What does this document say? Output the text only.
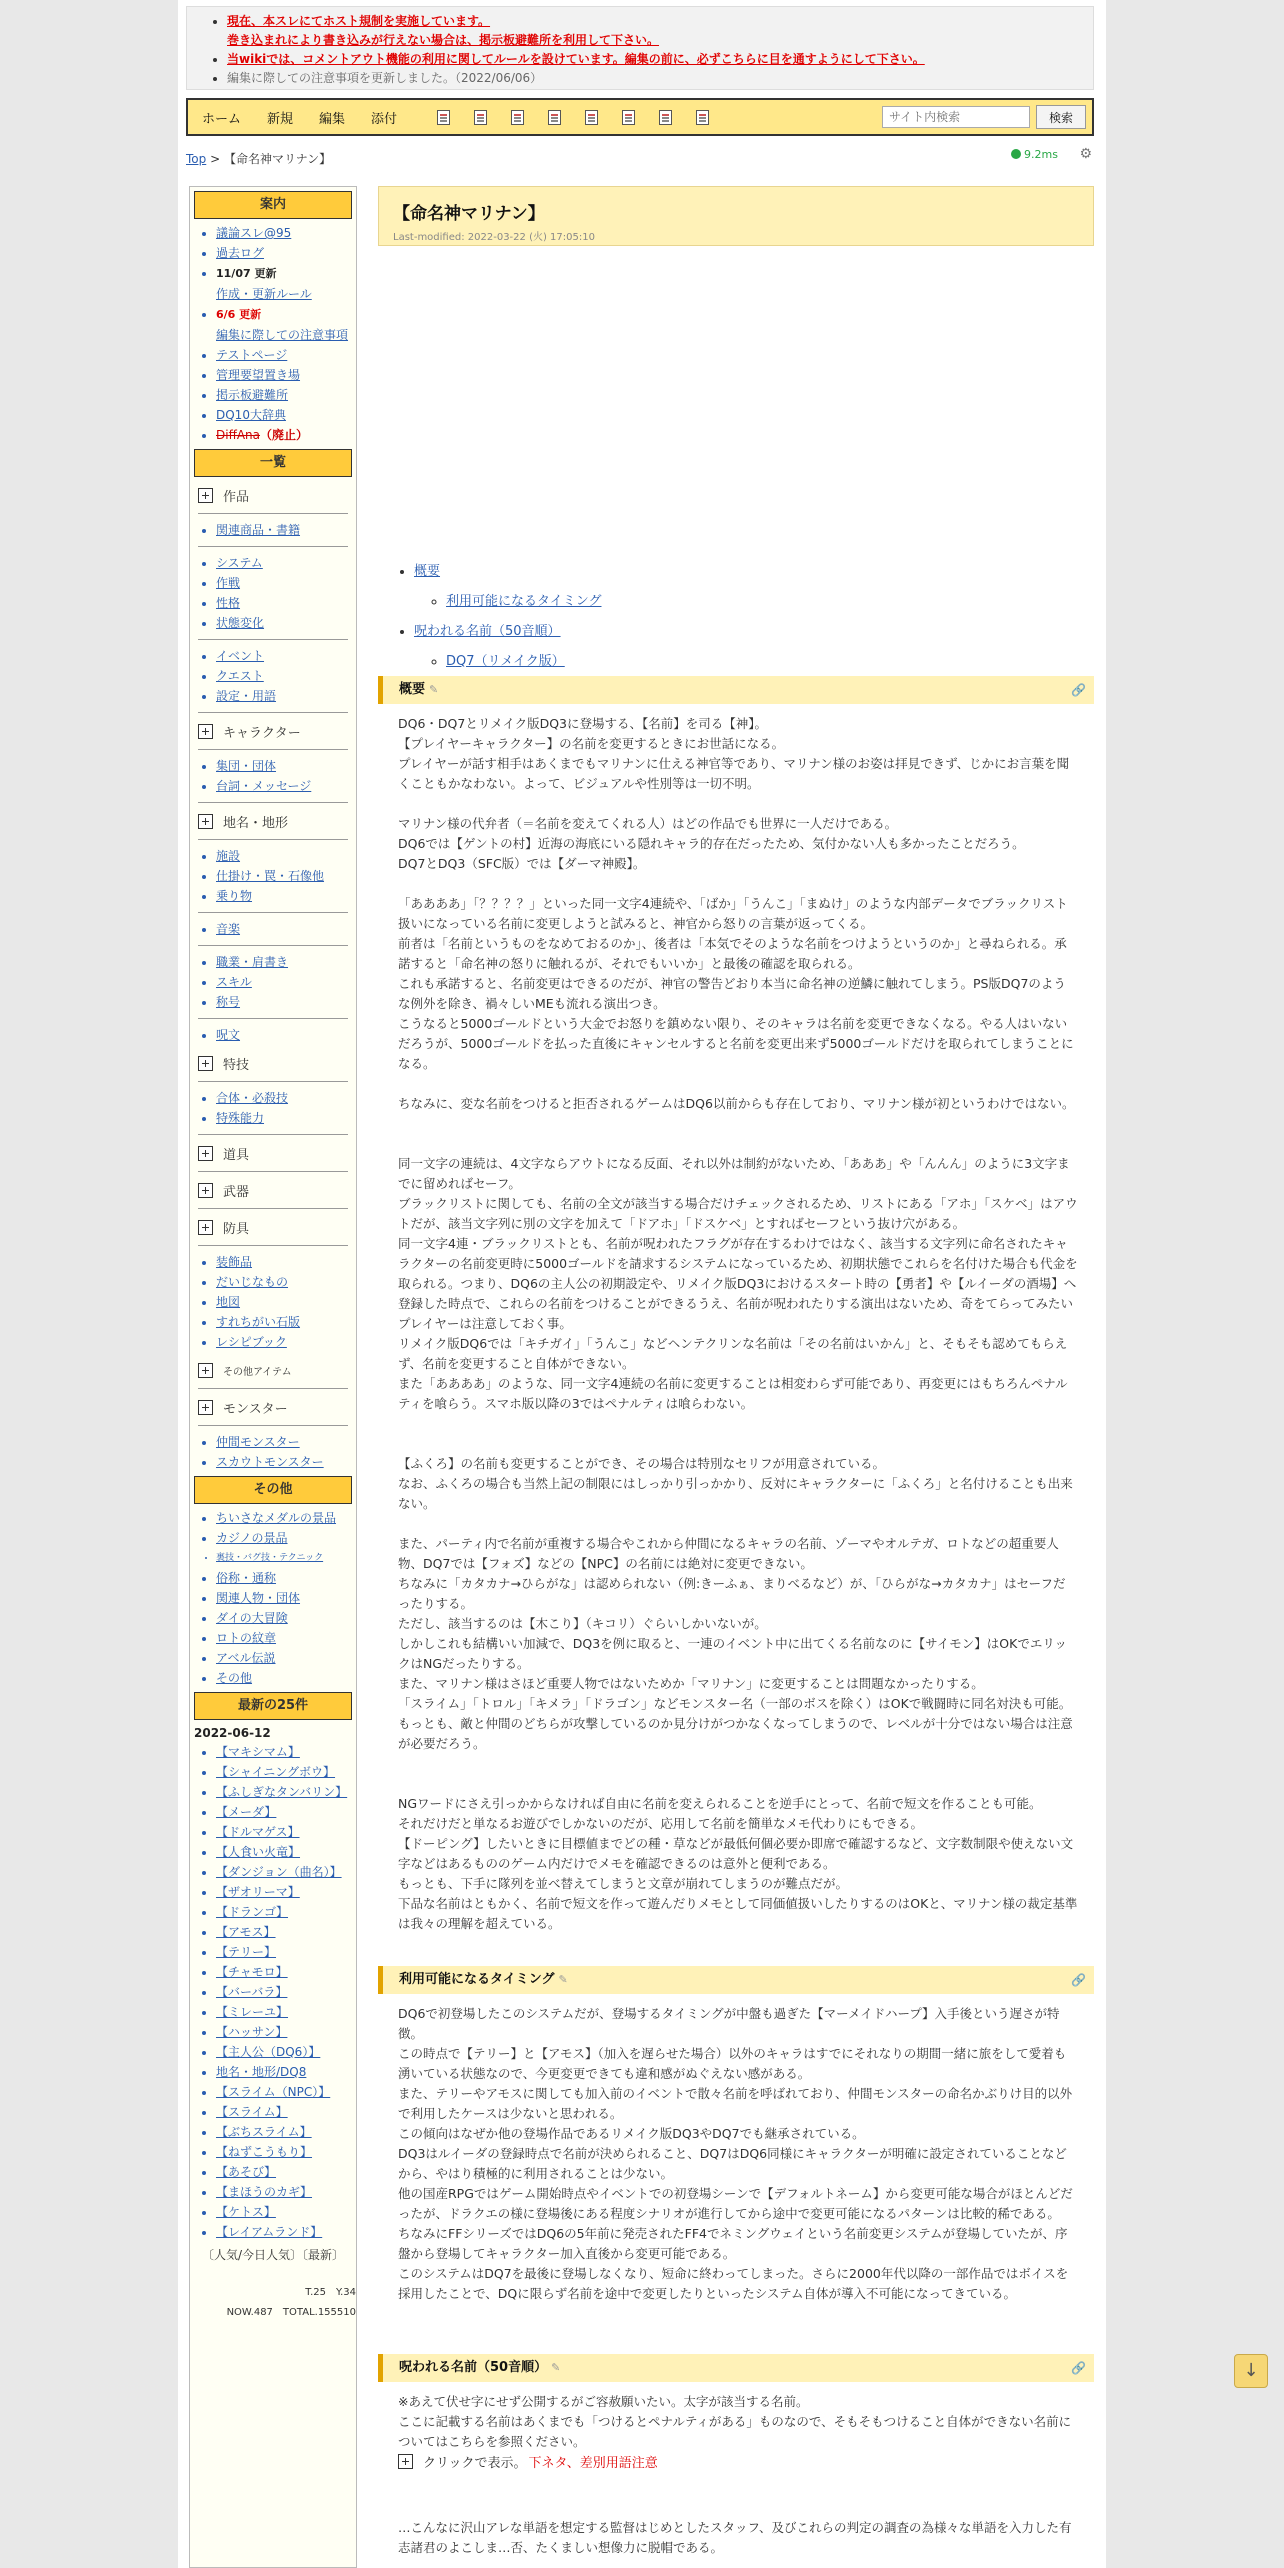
• 現在、本スレにてホスト規制を実施しています。
巻き込まれにより書き込みが行えない場合は、掲示板避難所を利用して下さい。
• 当wikiでは、コメントアウト機能の利用に関してルールを設けています。編集の前に、必ずこちらに目を通すようにして下さい。
• 編集に際しての注意事項を更新しました。（2022/06/06）
ホーム 新規 編集 添付
サイト内検索	検索
Top > 【命名神マリナン】	9.2ms ⚙
案内
• 議論スレ@95
• 過去ログ
• 11/07 更新
作成・更新ルール
• 6/6 更新
編集に際しての注意事項
• テストページ
• 管理要望置き場
• 掲示板避難所
• DQ10大辞典
• DiffAna（廃止）
一覧
作品
• 関連商品・書籍
• システム
• 作戦
• 性格
• 状態変化
• イベント
• クエスト
• 設定・用語
キャラクター
• 集団・団体
• 台詞・メッセージ
地名・地形
• 施設
• 仕掛け・罠・石像他
• 乗り物
• 音楽
• 職業・肩書き
• スキル
• 称号
• 呪文
特技
• 合体・必殺技
• 特殊能力
道具
武器
防具
• 装飾品
• だいじなもの
• 地図
• すれちがい石版
• レシピブック
その他アイテム
モンスター
• 仲間モンスター
• スカウトモンスター
その他
• ちいさなメダルの景品
• カジノの景品
• 裏技・バグ技・テクニック
• 俗称・通称
• 関連人物・団体
• ダイの大冒険
• ロトの紋章
• アベル伝説
• その他
最新の25件
2022-06-12
• 【マキシマム】
• 【シャイニングボウ】
• 【ふしぎなタンバリン】
• 【メーダ】
• 【ドルマゲス】
• 【人食い火竜】
• 【ダンジョン（曲名）】
• 【ザオリーマ】
• 【ドランゴ】
• 【アモス】
• 【テリー】
• 【チャモロ】
• 【バーバラ】
• 【ミレーユ】
• 【ハッサン】
• 【主人公（DQ6）】
• 地名・地形/DQ8
• 【スライム（NPC）】
• 【スライム】
• 【ぶちスライム】
• 【ねずこうもり】
• 【あそび】
• 【まほうのカギ】
• 【ケトス】
• 【レイアムランド】
〔人気/今日人気〕〔最新〕
T.25　Y.34
NOW.487　TOTAL.155510
【命名神マリナン】
Last-modified: 2022-03-22 (火) 17:05:10
• 概要
◦ 利用可能になるタイミング
• 呪われる名前（50音順）
◦ DQ7（リメイク版）
概要 ✎	🔗
DQ6・DQ7とリメイク版DQ3に登場する、【名前】を司る【神】。
【プレイヤーキャラクター】の名前を変更するときにお世話になる。
プレイヤーが話す相手はあくまでもマリナンに仕える神官等であり、マリナン様のお姿は拝見できず、じかにお言葉を聞くこともかなわない。よって、ビジュアルや性別等は一切不明。
マリナン様の代弁者（＝名前を変えてくれる人）はどの作品でも世界に一人だけである。
DQ6では【ゲントの村】近海の海底にいる隠れキャラ的存在だったため、気付かない人も多かったことだろう。
DQ7とDQ3（SFC版）では【ダーマ神殿】。
「ああああ」「？？？？」といった同一文字4連続や、「ばか」「うんこ」「まぬけ」のような内部データでブラックリスト扱いになっている名前に変更しようと試みると、神官から怒りの言葉が返ってくる。
前者は「名前というものをなめておるのか」、後者は「本気でそのような名前をつけようというのか」と尋ねられる。承諾すると「命名神の怒りに触れるが、それでもいいか」と最後の確認を取られる。
これも承諾すると、名前変更はできるのだが、神官の警告どおり本当に命名神の逆鱗に触れてしまう。PS版DQ7のような例外を除き、禍々しいMEも流れる演出つき。
こうなると5000ゴールドという大金でお怒りを鎮めない限り、そのキャラは名前を変更できなくなる。やる人はいないだろうが、5000ゴールドを払った直後にキャンセルすると名前を変更出来ず5000ゴールドだけを取られてしまうことになる。
ちなみに、変な名前をつけると拒否されるゲームはDQ6以前からも存在しており、マリナン様が初というわけではない。
同一文字の連続は、4文字ならアウトになる反面、それ以外は制約がないため、「あああ」や「んんん」のように3文字までに留めればセーフ。
ブラックリストに関しても、名前の全文が該当する場合だけチェックされるため、リストにある「アホ」「スケベ」はアウトだが、該当文字列に別の文字を加えて「ドアホ」「ドスケベ」とすればセーフという抜け穴がある。
同一文字4連・ブラックリストとも、名前が呪われたフラグが存在するわけではなく、該当する文字列に命名されたキャラクターの名前変更時に5000ゴールドを請求するシステムになっているため、初期状態でこれらを名付けた場合も代金を取られる。つまり、DQ6の主人公の初期設定や、リメイク版DQ3におけるスタート時の【勇者】や【ルイーダの酒場】へ登録した時点で、これらの名前をつけることができるうえ、名前が呪われたりする演出はないため、奇をてらってみたいプレイヤーは注意しておく事。
リメイク版DQ6では「キチガイ」「うんこ」などヘンテクリンな名前は「その名前はいかん」と、そもそも認めてもらえず、名前を変更すること自体ができない。
また「ああああ」のような、同一文字4連続の名前に変更することは相変わらず可能であり、再変更にはもちろんペナルティを喰らう。スマホ版以降の3ではペナルティは喰らわない。
【ふくろ】の名前も変更することができ、その場合は特別なセリフが用意されている。
なお、ふくろの場合も当然上記の制限にはしっかり引っかかり、反対にキャラクターに「ふくろ」と名付けることも出来ない。
また、パーティ内で名前が重複する場合やこれから仲間になるキャラの名前、ゾーマやオルテガ、ロトなどの超重要人物、DQ7では【フォズ】などの【NPC】の名前には絶対に変更できない。
ちなみに「カタカナ→ひらがな」は認められない（例:きーふぁ、まりべるなど）が、「ひらがな→カタカナ」はセーフだったりする。
ただし、該当するのは【木こり】（キコリ）ぐらいしかいないが。
しかしこれも結構いい加減で、DQ3を例に取ると、一連のイベント中に出てくる名前なのに【サイモン】はOKでエリックはNGだったりする。
また、マリナン様はさほど重要人物ではないためか「マリナン」に変更することは問題なかったりする。
「スライム」「トロル」「キメラ」「ドラゴン」などモンスター名（一部のボスを除く）はOKで戦闘時に同名対決も可能。
もっとも、敵と仲間のどちらが攻撃しているのか見分けがつかなくなってしまうので、レベルが十分ではない場合は注意が必要だろう。
NGワードにさえ引っかからなければ自由に名前を変えられることを逆手にとって、名前で短文を作ることも可能。
それだけだと単なるお遊びでしかないのだが、応用して名前を簡単なメモ代わりにもできる。
【ドーピング】したいときに目標値までどの種・草などが最低何個必要か即席で確認するなど、文字数制限や使えない文字などはあるもののゲーム内だけでメモを確認できるのは意外と便利である。
もっとも、下手に隊列を並べ替えてしまうと文章が崩れてしまうのが難点だが。
下品な名前はともかく、名前で短文を作って遊んだりメモとして同価値扱いしたりするのはOKと、マリナン様の裁定基準は我々の理解を超えている。
利用可能になるタイミング ✎	🔗
DQ6で初登場したこのシステムだが、登場するタイミングが中盤も過ぎた【マーメイドハープ】入手後という遅さが特徴。
この時点で【テリー】と【アモス】（加入を遅らせた場合）以外のキャラはすでにそれなりの期間一緒に旅をして愛着も湧いている状態なので、今更変更できても違和感がぬぐえない感がある。
また、テリーやアモスに関しても加入前のイベントで散々名前を呼ばれており、仲間モンスターの命名かぶりけ目的以外で利用したケースは少ないと思われる。
この傾向はなぜか他の登場作品であるリメイク版DQ3やDQ7でも継承されている。
DQ3はルイーダの登録時点で名前が決められること、DQ7はDQ6同様にキャラクターが明確に設定されていることなどから、やはり積極的に利用されることは少ない。
他の国産RPGではゲーム開始時点やイベントでの初登場シーンで【デフォルトネーム】から変更可能な場合がほとんどだったが、ドラクエの様に登場後にある程度シナリオが進行してから途中で変更可能になるパターンは比較的稀である。
ちなみにFFシリーズではDQ6の5年前に発売されたFF4でネミングウェイという名前変更システムが登場していたが、序盤から登場してキャラクター加入直後から変更可能である。
このシステムはDQ7を最後に登場しなくなり、短命に終わってしまった。さらに2000年代以降の一部作品ではボイスを採用したことで、DQに限らず名前を途中で変更したりといったシステム自体が導入不可能になってきている。
呪われる名前（50音順） ✎	🔗
※あえて伏せ字にせず公開するがご容赦願いたい。太字が該当する名前。
ここに記載する名前はあくまでも「つけるとペナルティがある」ものなので、そもそもつけること自体ができない名前についてはこちらを参照ください。
クリックで表示。 下ネタ、差別用語注意
…こんなに沢山アレな単語を想定する監督はじめとしたスタッフ、及びこれらの判定の調査の為様々な単語を入力した有志諸君のよこしま…否、たくましい想像力に脱帽である。
↓
